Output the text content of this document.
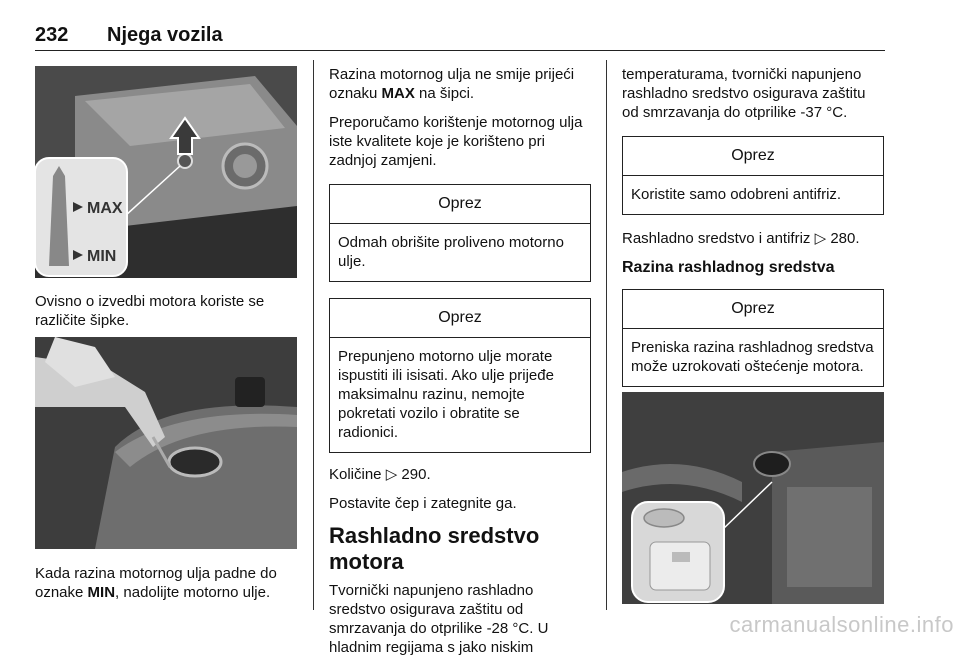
232 Njega vozila
MAX
MIN

Ovisno o izvedbi motora koriste se različite šipke.

Kada razina motornog ulja padne do oznake MIN, nadolijte motorno ulje.

Razina motornog ulja ne smije prijeći oznaku MAX na šipci.

Preporučamo korištenje motornog ulja iste kvalitete koje je korišteno pri zadnjoj zamjeni.

Oprez
Odmah obrišite proliveno motorno ulje.
Oprez
Prepunjeno motorno ulje morate ispustiti ili isisati. Ako ulje prijeđe maksimalnu razinu, nemojte pokretati vozilo i obratite se radionici.

Količine ▷ 290.

Postavite čep i zategnite ga.

Rashladno sredstvo motora

Tvornički napunjeno rashladno sredstvo osigurava zaštitu od smrzavanja do otprilike -28 °C. U hladnim regijama s jako niskim

temperaturama, tvornički napunjeno rashladno sredstvo osigurava zaštitu od smrzavanja do otprilike -37 °C.

Oprez
Koristite samo odobreni antifriz.

Rashladno sredstvo i antifriz ▷ 280.

Razina rashladnog sredstva
Oprez
Preniska razina rashladnog sredstva može uzrokovati oštećenje motora.
carmanualsonline.info
